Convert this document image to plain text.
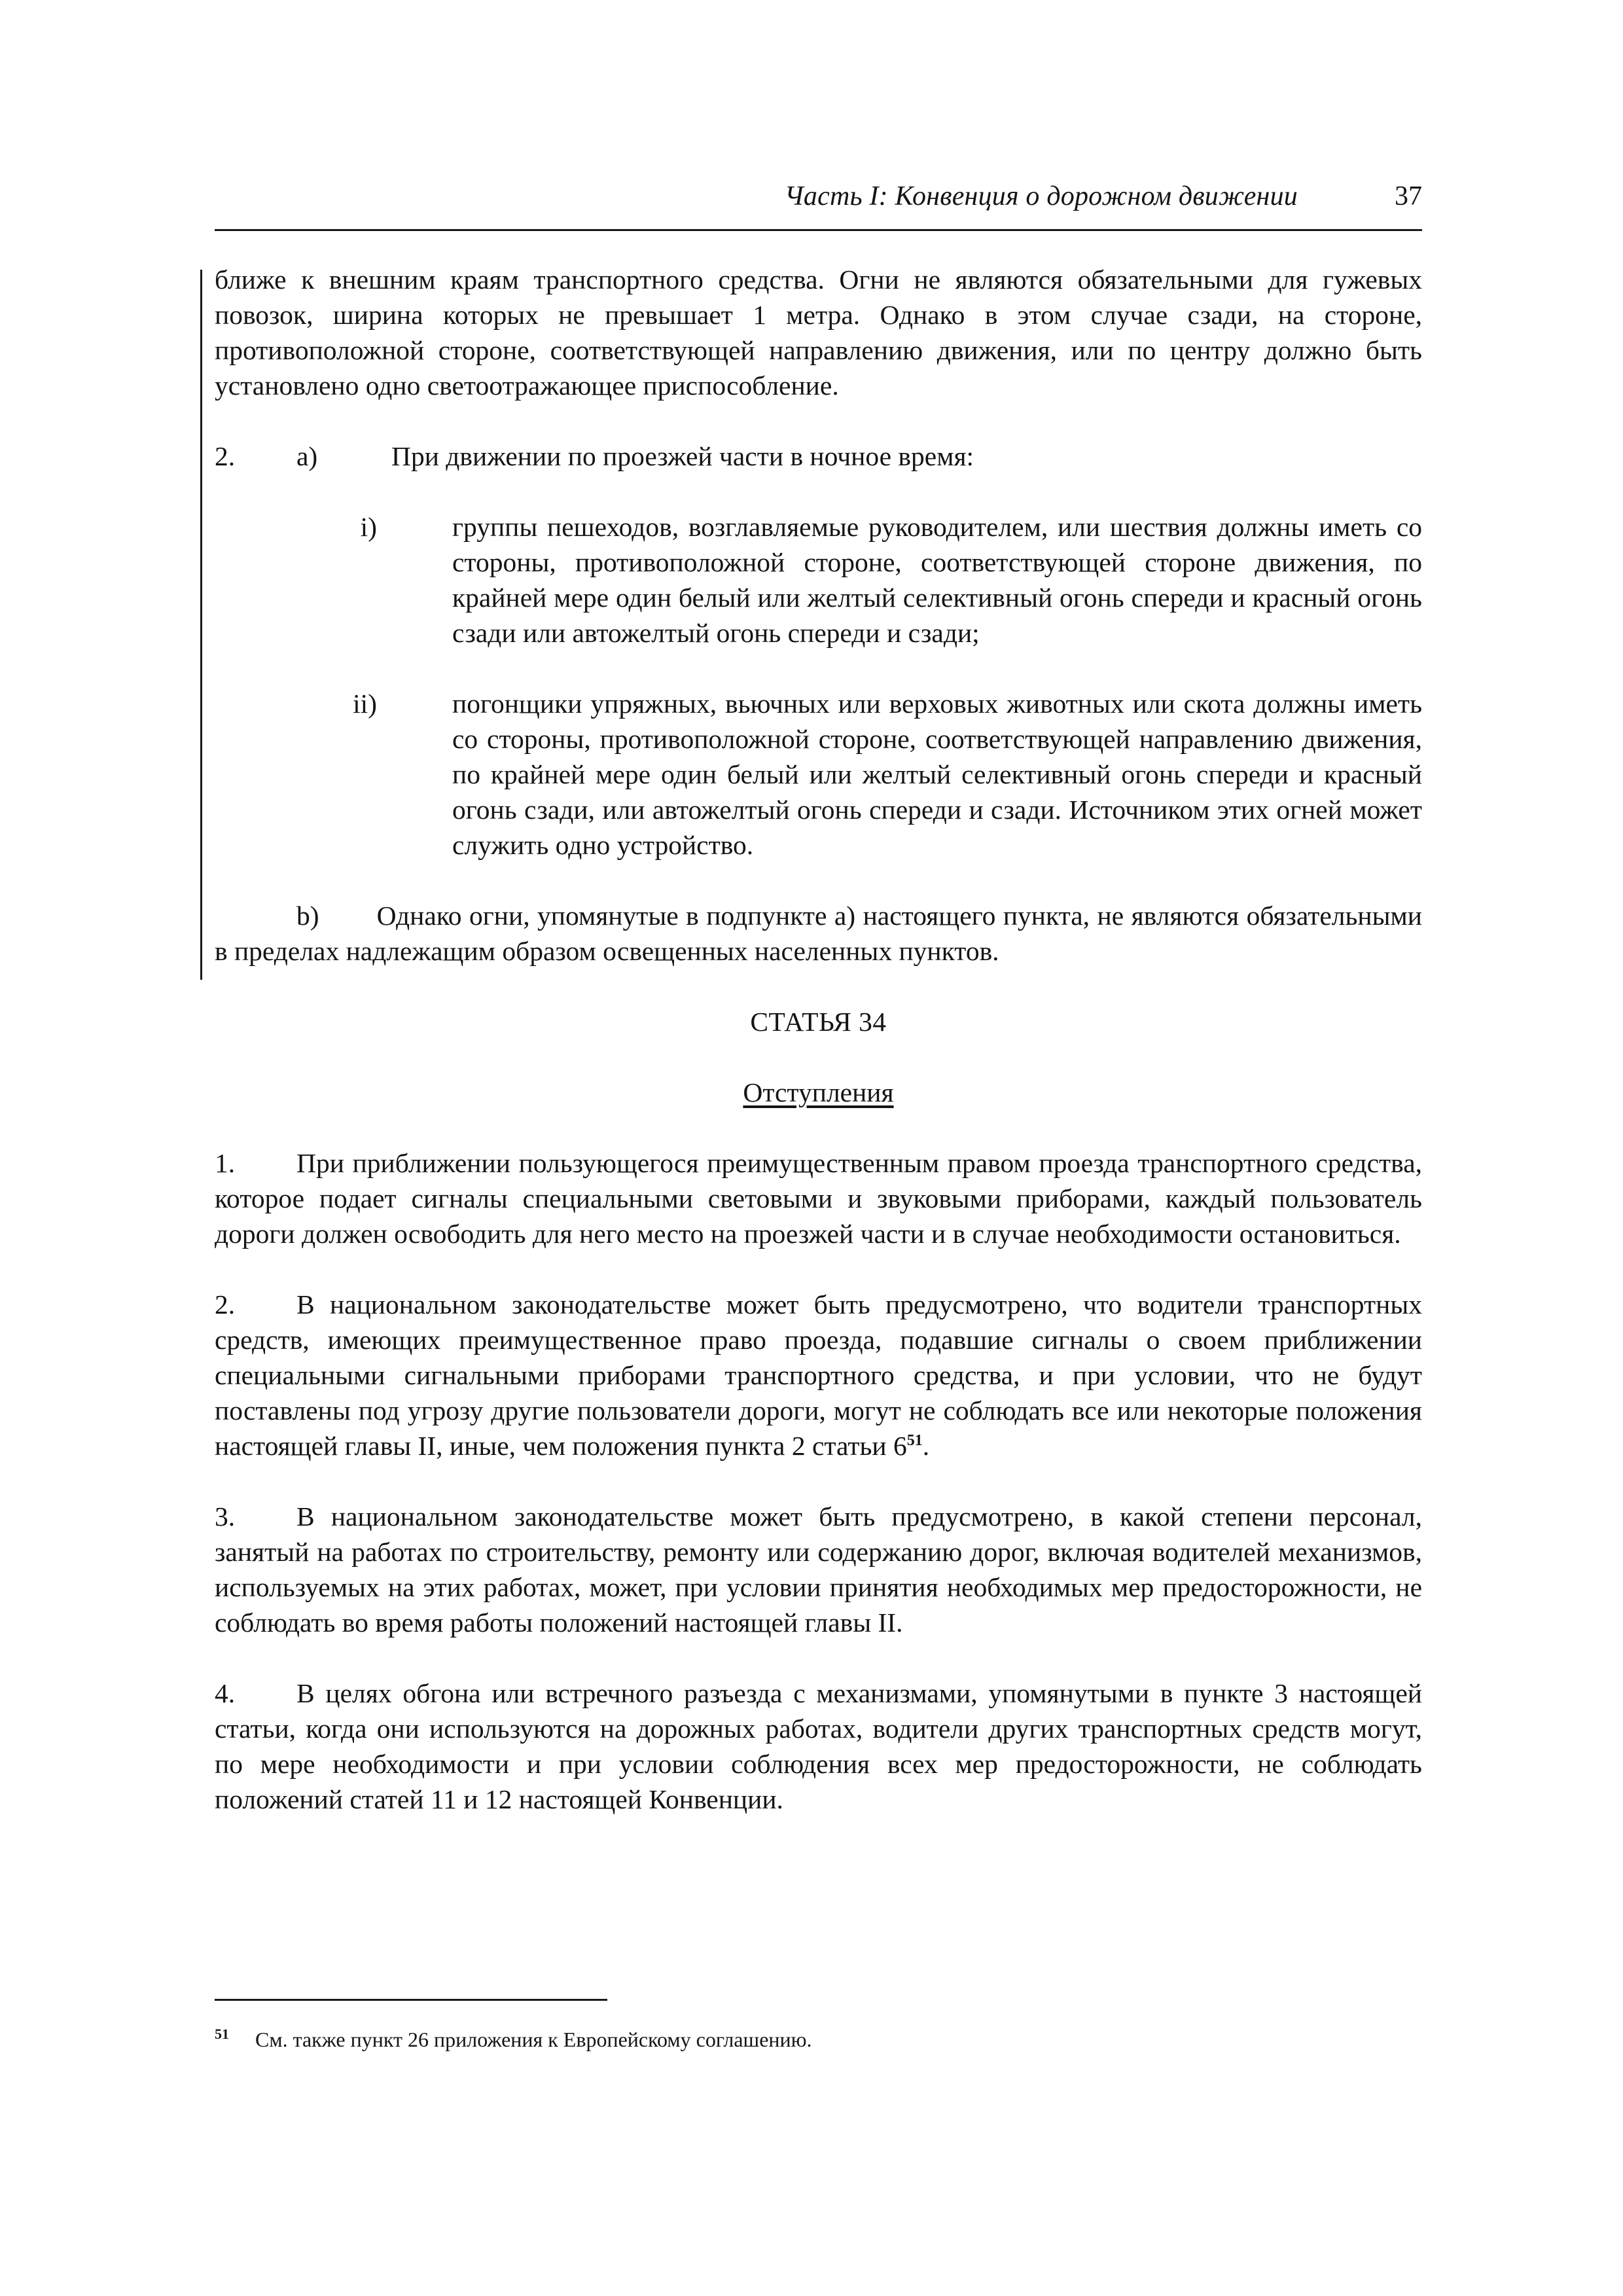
Часть I: Конвенция о дорожном движении	37

ближе к внешним краям транспортного средства. Огни не являются обязательными для гужевых повозок, ширина которых не превышает 1 метра. Однако в этом случае сзади, на стороне, противоположной стороне, соответствующей направлению движения, или по центру должно быть установлено одно светоотражающее приспособление.

2. a)	При движении по проезжей части в ночное время:
i)	группы пешеходов, возглавляемые руководителем, или шествия должны иметь со стороны, противоположной стороне, соответствующей стороне движения, по крайней мере один белый или желтый селективный огонь спереди и красный огонь сзади или автожелтый огонь спереди и сзади;
ii)	погонщики упряжных, вьючных или верховых животных или скота должны иметь со стороны, противоположной стороне, соответствующей направлению движения, по крайней мере один белый или желтый селективный огонь спереди и красный огонь сзади, или автожелтый огонь спереди и сзади. Источником этих огней может служить одно устройство.

b) Однако огни, упомянутые в подпункте а) настоящего пункта, не являются обязательными в пределах надлежащим образом освещенных населенных пунктов.

СТАТЬЯ 34
Отступления

1. При приближении пользующегося преимущественным правом проезда транспортного средства, которое подает сигналы специальными световыми и звуковыми приборами, каждый пользователь дороги должен освободить для него место на проезжей части и в случае необходимости остановиться.

2. В национальном законодательстве может быть предусмотрено, что водители транспортных средств, имеющих преимущественное право проезда, подавшие сигналы о своем приближении специальными сигнальными приборами транспортного средства, и при условии, что не будут поставлены под угрозу другие пользователи дороги, могут не соблюдать все или некоторые положения настоящей главы II, иные, чем положения пункта 2 статьи 6$^{51}$.

3. В национальном законодательстве может быть предусмотрено, в какой степени персонал, занятый на работах по строительству, ремонту или содержанию дорог, включая водителей механизмов, используемых на этих работах, может, при условии принятия необходимых мер предосторожности, не соблюдать во время работы положений настоящей главы II.

4. В целях обгона или встречного разъезда с механизмами, упомянутыми в пункте 3 настоящей статьи, когда они используются на дорожных работах, водители других транспортных средств могут, по мере необходимости и при условии соблюдения всех мер предосторожности, не соблюдать положений статей 11 и 12 настоящей Конвенции.

51 См. также пункт 26 приложения к Европейскому соглашению.
